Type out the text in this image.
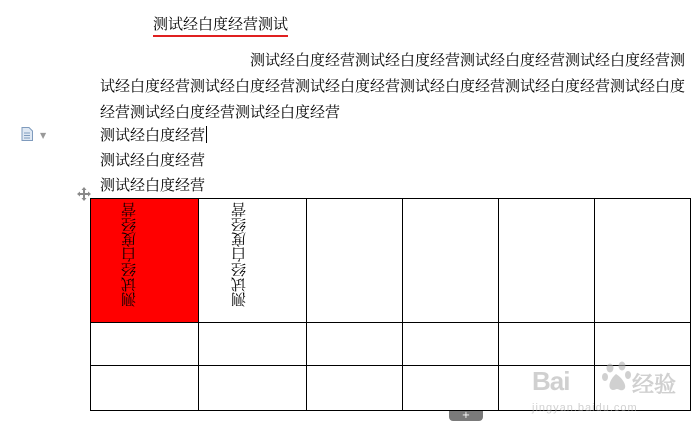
测试经白度经营测试
测试经白度经营测试经白度经营测试经白度经营测试经白度经营测试经白度经营测试经白度经营测试经白度经营测试经白度经营测试经白度经营测试经白度经营测试经白度经营测试经白度经营
测试经白度经营
测试经白度经营
测试经白度经营
▼
测试经白度经营	测试经白度经营				

+
Bai	经验
jingyan.baidu.com
